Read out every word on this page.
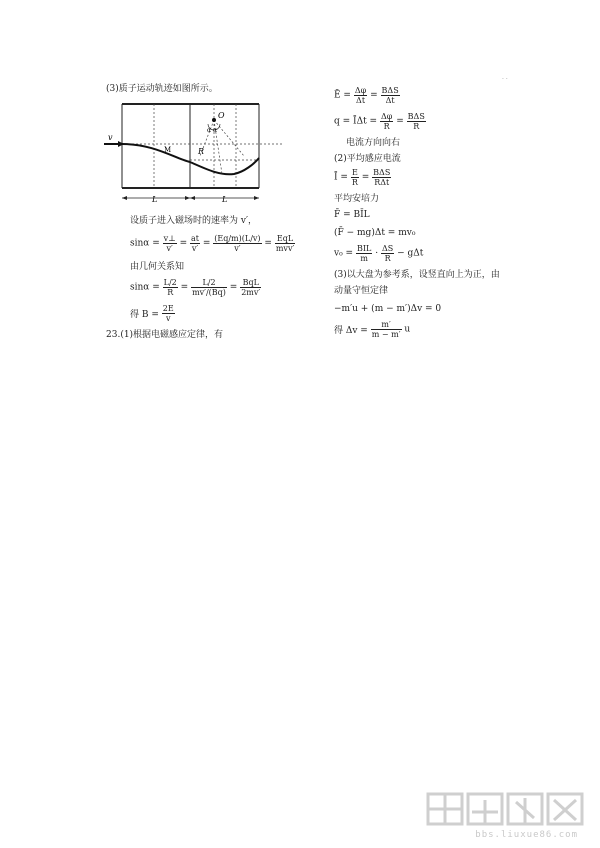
(3)质子运动轨迹如图所示。
v
M
O
R
α α
L	L
设质子进入磁场时的速率为 v′，
$\sin\alpha = \frac{v\perp}{v'} = \frac{at}{v'} = \frac{(Eq/m)(L/v)}{v'} = \frac{\text{EqL}}{\text{mvv′}}$
由几何关系知
$\sin\alpha = \frac{L/2}{R} = \frac{L/2}{mv'/(Bq)} = \frac{\text{BqL}}{2mv'}$
得 $B = \frac{2E}{v}$
23.(1)根据电磁感应定律，有
Ē = $\frac{\Delta\varphi}{\Delta t} = \frac{\text{BΔS}}{\Delta t}$
q = ĪΔt = $\frac{\Delta\varphi}{R} = \frac{\text{BΔS}}{R}$
电流方向向右
(2)平均感应电流
Ī = $\frac{E}{R} = \frac{\text{BΔS}}{\text{RΔt}}$
平均安培力
F̄ = BĪL
(F̄ − mg)Δt = mv₀
$v_0 = \frac{\text{BIL}}{m} \cdot \frac{\Delta S}{R} - g\Delta t$
(3)以大盘为参考系，设竖直向上为正，由
动量守恒定律
−m′u + (m − m′)Δv = 0
得 $\Delta v = \frac{m'}{m - m'}$ u
· ·
bbs.liuxue86.com
